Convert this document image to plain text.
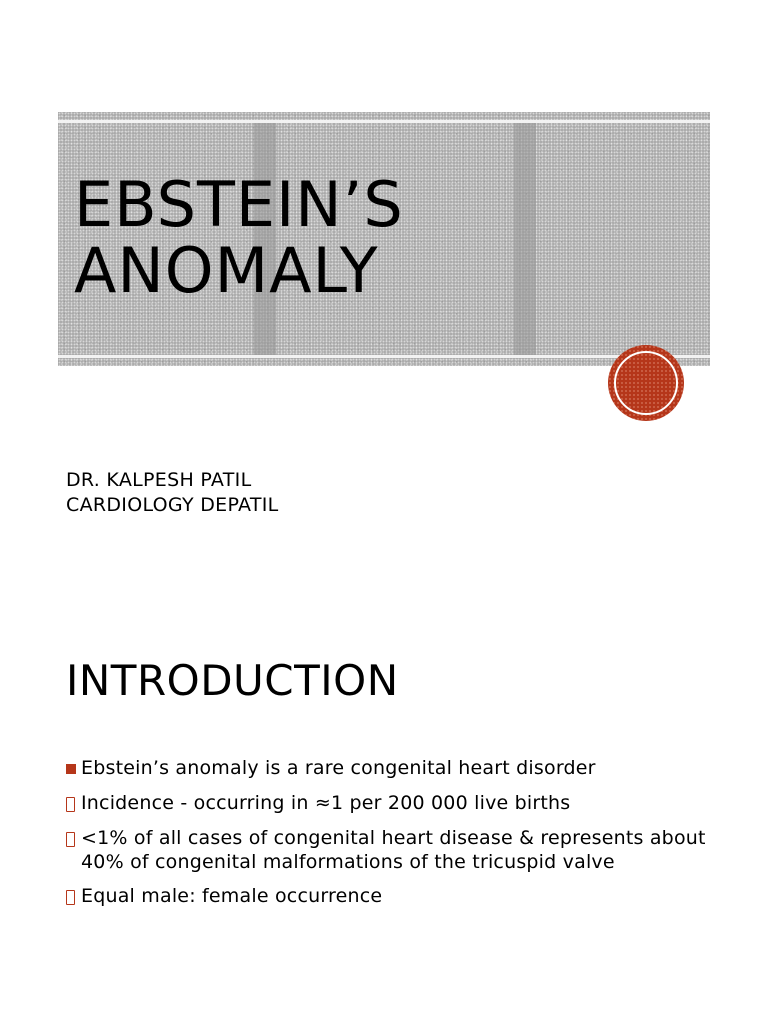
EBSTEIN’S
ANOMALY
DR. KALPESH PATIL
CARDIOLOGY DEPATIL
INTRODUCTION
Ebstein’s anomaly is a rare congenital heart disorder
Incidence - occurring in ≈1 per 200 000 live births
<1% of all cases of congenital heart disease & represents about 40% of congenital malformations of the tricuspid valve
Equal male: female occurrence
